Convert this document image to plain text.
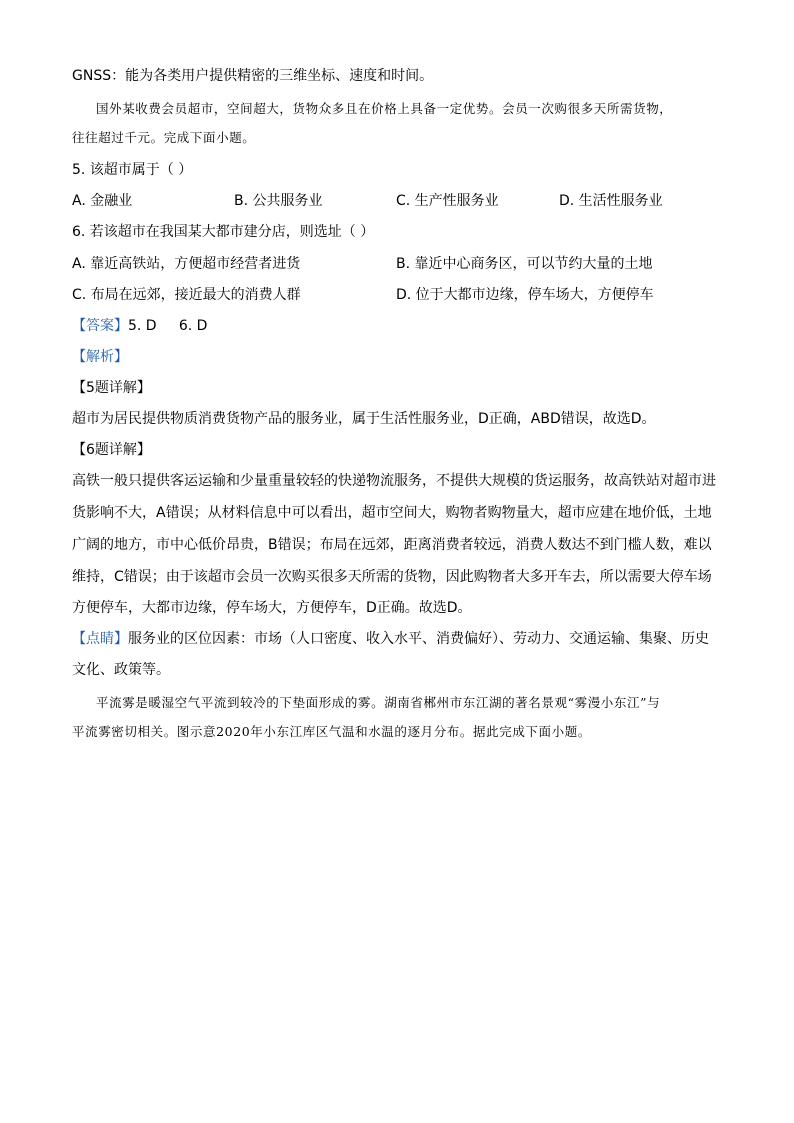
GNSS：能为各类用户提供精密的三维坐标、速度和时间。
国外某收费会员超市，空间超大，货物众多且在价格上具备一定优势。会员一次购很多天所需货物，
往往超过千元。完成下面小题。
5. 该超市属于（ ）
A. 金融业	B. 公共服务业	C. 生产性服务业	D. 生活性服务业
6. 若该超市在我国某大都市建分店，则选址（ ）
A. 靠近高铁站，方便超市经营者进货	B. 靠近中心商务区，可以节约大量的土地
C. 布局在远郊，接近最大的消费人群	D. 位于大都市边缘，停车场大，方便停车
【答案】5. D     6. D
【解析】
【5题详解】
超市为居民提供物质消费货物产品的服务业，属于生活性服务业，D正确，ABD错误，故选D。
【6题详解】
高铁一般只提供客运运输和少量重量较轻的快递物流服务，不提供大规模的货运服务，故高铁站对超市进
货影响不大，A错误；从材料信息中可以看出，超市空间大，购物者购物量大，超市应建在地价低，土地
广阔的地方，市中心低价昂贵，B错误；布局在远郊，距离消费者较远，消费人数达不到门槛人数，难以
维持，C错误；由于该超市会员一次购买很多天所需的货物，因此购物者大多开车去，所以需要大停车场
方便停车，大都市边缘，停车场大，方便停车，D正确。故选D。
【点睛】服务业的区位因素：市场（人口密度、收入水平、消费偏好）、劳动力、交通运输、集聚、历史
文化、政策等。
平流雾是暖湿空气平流到较冷的下垫面形成的雾。湖南省郴州市东江湖的著名景观“雾漫小东江”与
平流雾密切相关。图示意2020年小东江库区气温和水温的逐月分布。据此完成下面小题。
